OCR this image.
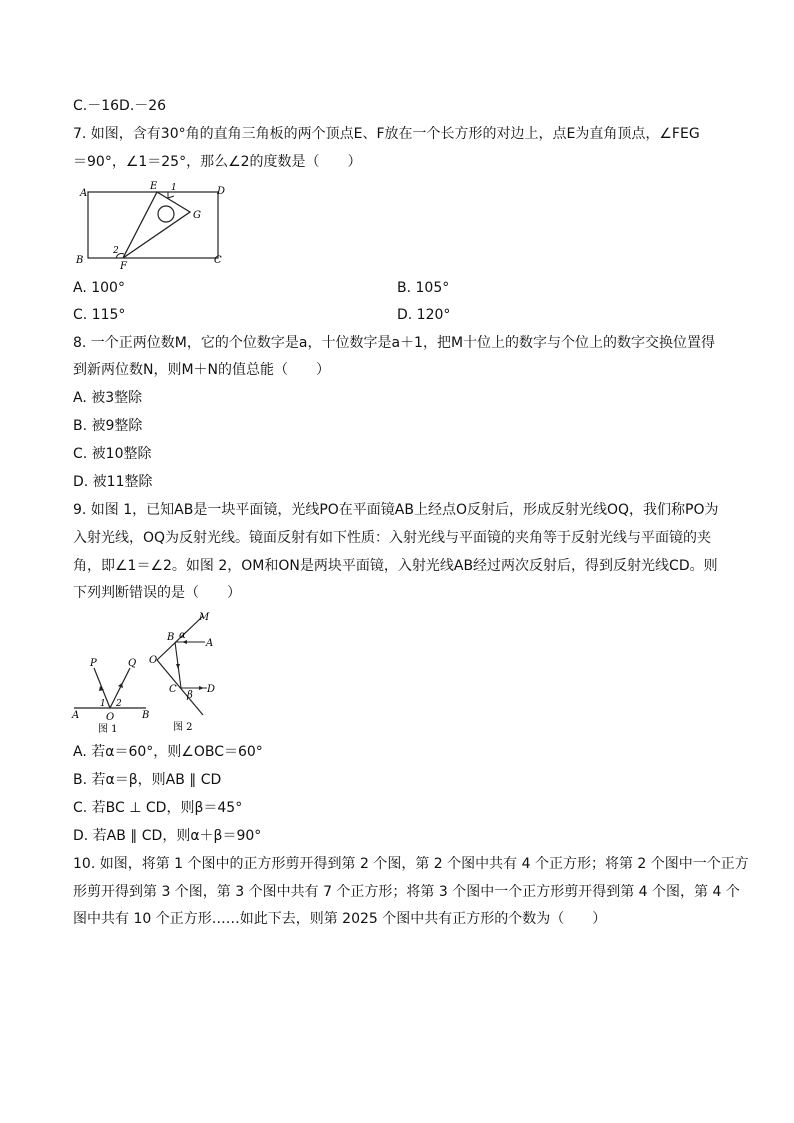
C.－16D.－26
7. 如图，含有30°角的直角三角板的两个顶点E、F放在一个长方形的对边上，点E为直角顶点，∠FEG
＝90°，∠1＝25°，那么∠2的度数是（　　）
A
B	C
D
E
F
G
1
2
A. 100°	B. 105°
C. 115°	D. 120°
8. 一个正两位数M，它的个位数字是a，十位数字是a＋1，把M十位上的数字与个位上的数字交换位置得
到新两位数N，则M＋N的值总能（　　）
A. 被3整除
B. 被9整除
C. 被10整除
D. 被11整除
9. 如图 1，已知AB是一块平面镜，光线PO在平面镜AB上经点O反射后，形成反射光线OQ，我们称PO为
入射光线，OQ为反射光线。镜面反射有如下性质：入射光线与平面镜的夹角等于反射光线与平面镜的夹
角，即∠1＝∠2。如图 2，OM和ON是两块平面镜，入射光线AB经过两次反射后，得到反射光线CD。则
下列判断错误的是（　　）
P	Q
A	B
O
1 2
图 1
M
B α
A
O
C
β
D
图 2
A. 若α＝60°，则∠OBC＝60°
B. 若α＝β，则AB ∥ CD
C. 若BC ⊥ CD，则β＝45°
D. 若AB ∥ CD，则α＋β＝90°
10. 如图，将第 1 个图中的正方形剪开得到第 2 个图，第 2 个图中共有 4 个正方形；将第 2 个图中一个正方
形剪开得到第 3 个图，第 3 个图中共有 7 个正方形；将第 3 个图中一个正方形剪开得到第 4 个图，第 4 个
图中共有 10 个正方形……如此下去，则第 2025 个图中共有正方形的个数为（　　）
